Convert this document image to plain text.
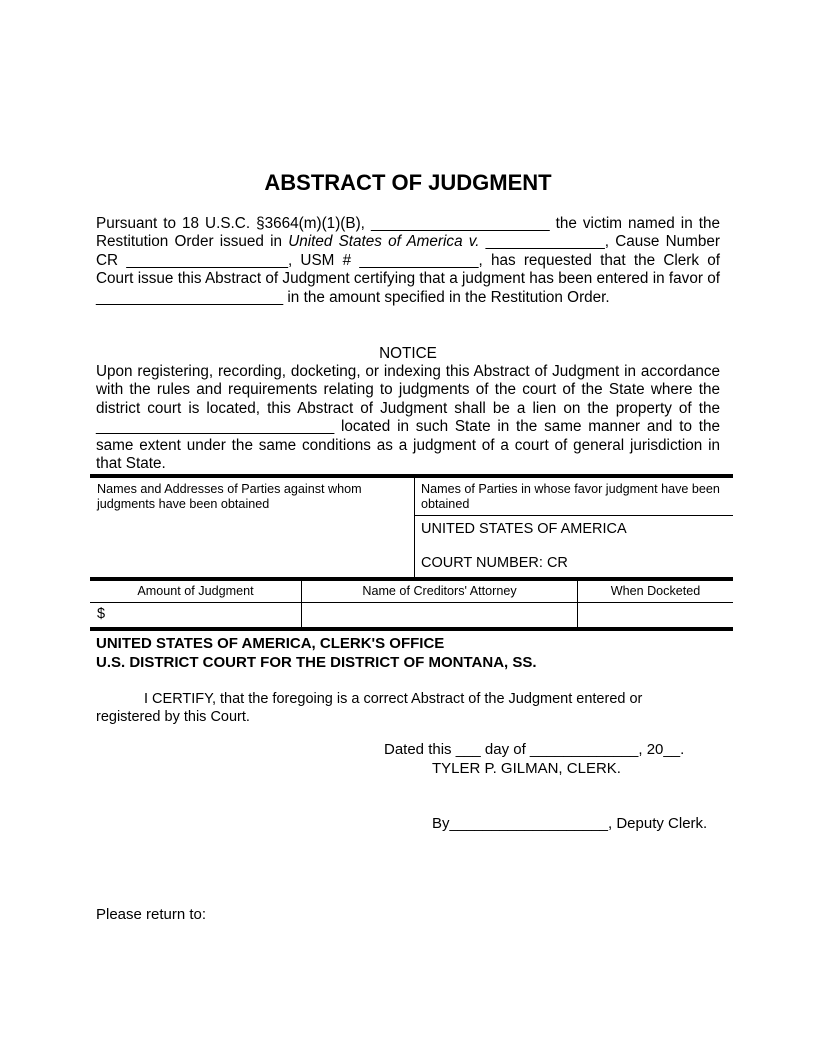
ABSTRACT OF JUDGMENT
Pursuant to 18 U.S.C. §3664(m)(1)(B), _____________________ the victim named in the Restitution Order issued in United States of America v. ______________, Cause Number CR ___________________, USM # ______________, has requested that the Clerk of Court issue this Abstract of Judgment certifying that a judgment has been entered in favor of ______________________ in the amount specified in the Restitution Order.
NOTICE
Upon registering, recording, docketing, or indexing this Abstract of Judgment in accordance with the rules and requirements relating to judgments of the court of the State where the district court is located, this Abstract of Judgment shall be a lien on the property of the ____________________________ located in such State in the same manner and to the same extent under the same conditions as a judgment of a court of general jurisdiction in that State.
Names and Addresses of Parties against whom judgments have been obtained
Names of Parties in whose favor judgment have been obtained
UNITED STATES OF AMERICA
COURT NUMBER: CR
Amount of Judgment	Name of Creditors' Attorney	When Docketed
$
UNITED STATES OF AMERICA, CLERK'S OFFICE
U.S. DISTRICT COURT FOR THE DISTRICT OF MONTANA, SS.
I CERTIFY, that the foregoing is a correct Abstract of the Judgment entered or registered by this Court.
Dated this ___ day of _____________, 20__.
TYLER P. GILMAN, CLERK.
By___________________, Deputy Clerk.
Please return to:
